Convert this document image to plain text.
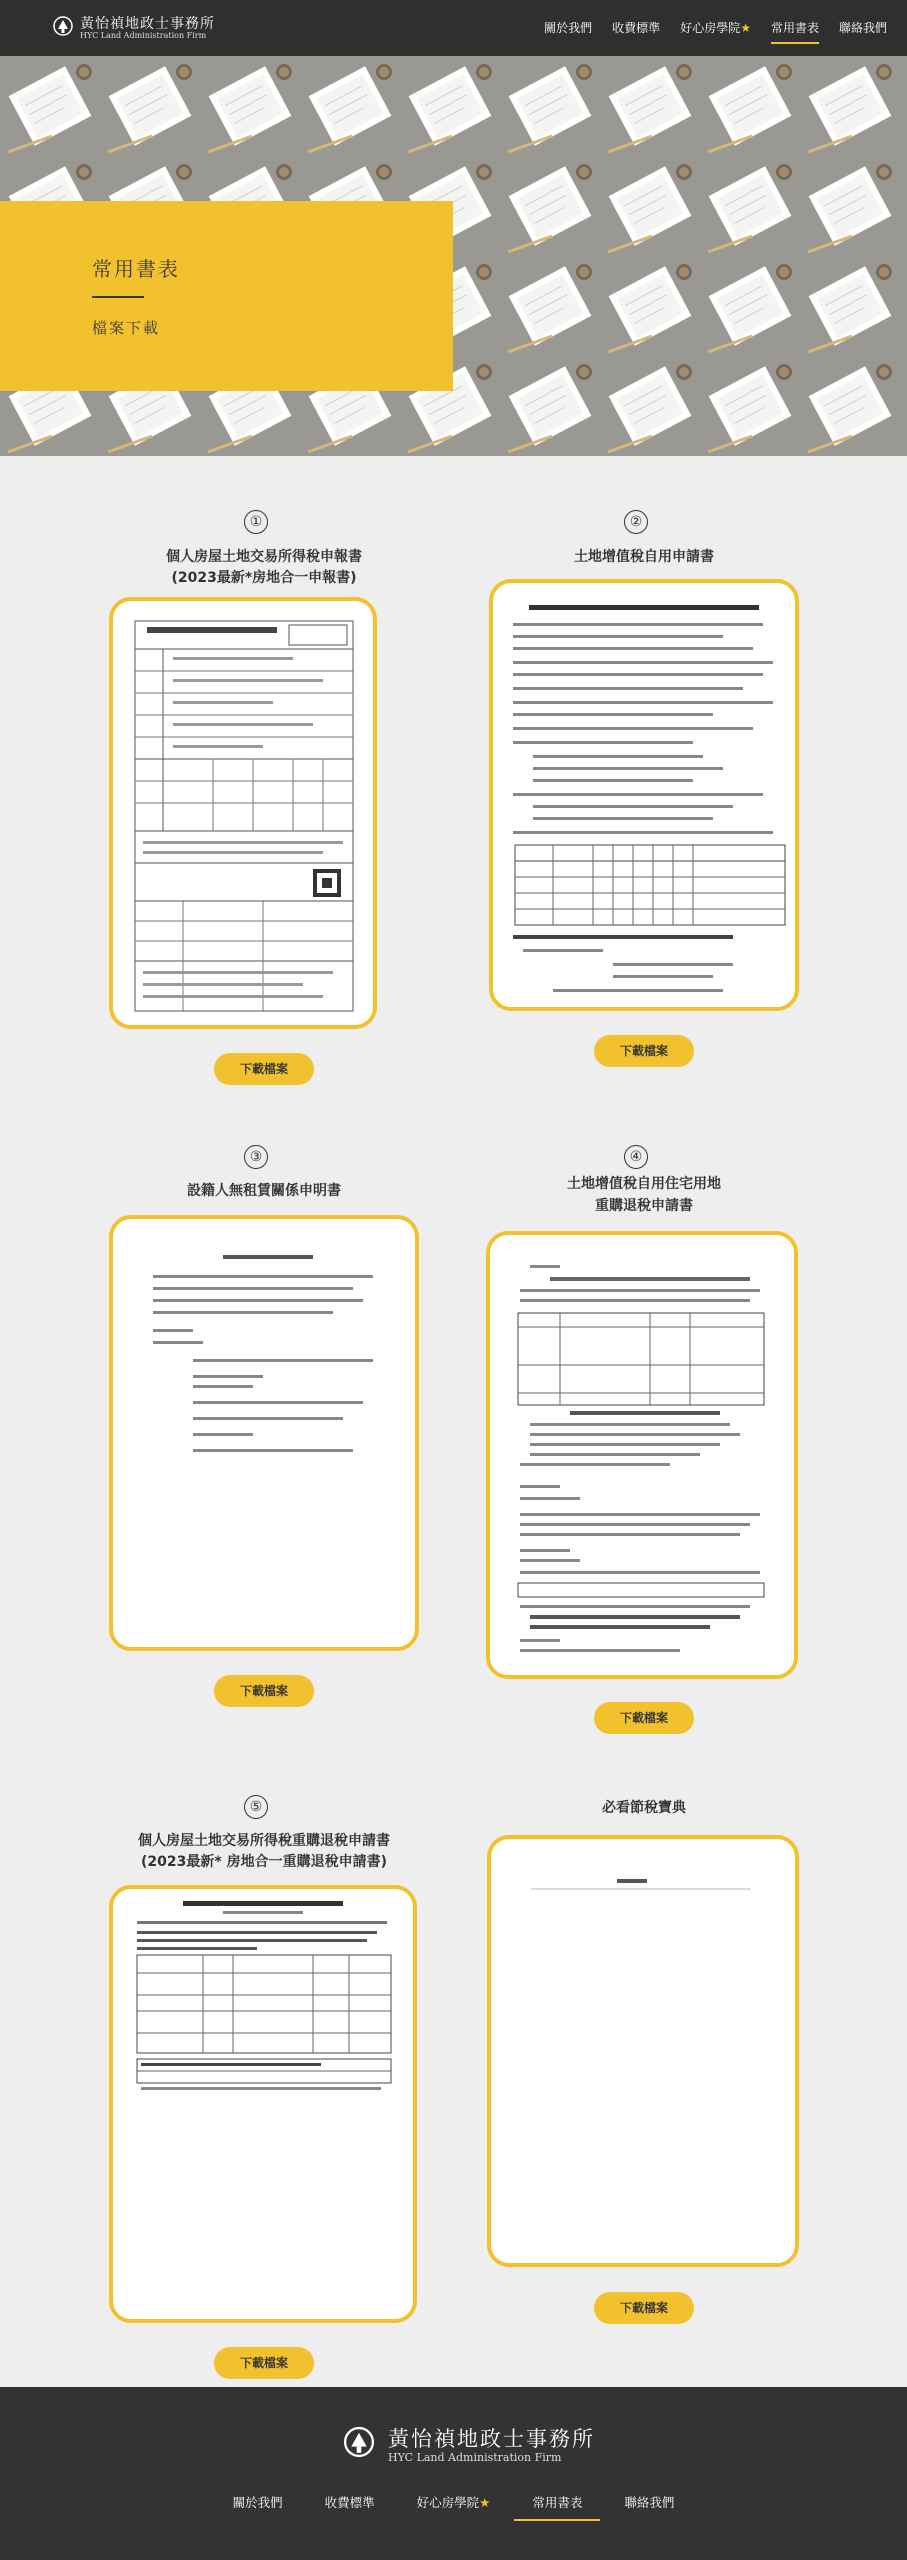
黃怡禎地政士事務所
HYC Land Administration Firm
關於我們 收費標準 好心房學院★ 常用書表 聯絡我們
常用書表
檔案下載
①
個人房屋土地交易所得稅申報書
(2023最新*房地合一申報書)
下載檔案
②
土地增值稅自用申請書
下載檔案
③
設籍人無租賃關係申明書
下載檔案
④
土地增值稅自用住宅用地
重購退稅申請書
下載檔案
⑤
個人房屋土地交易所得稅重購退稅申請書
(2023最新* 房地合一重購退稅申請書)
下載檔案
必看節稅寶典
下載檔案
黃怡禎地政士事務所
HYC Land Administration Firm
關於我們	收費標準	好心房學院★	常用書表	聯絡我們
